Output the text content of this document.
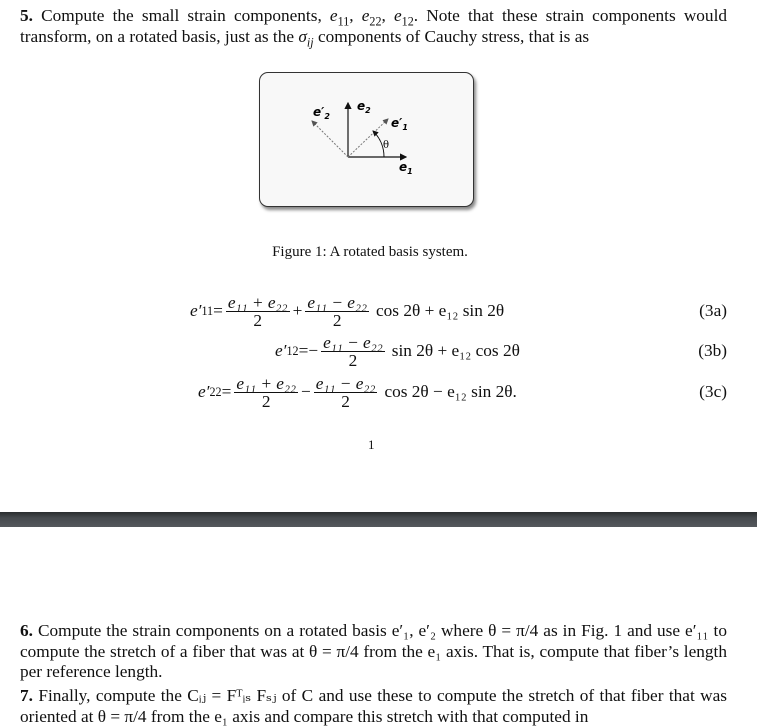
5. Compute the small strain components, $e_{11}$, $e_{22}$, $e_{12}$. Note that these strain components would transform, on a rotated basis, just as the $\sigma_{ij}$ components of Cauchy stress, that is as
$e_2$
$e'_2$	$e'_1$
$e_1$
θ
Figure 1: A rotated basis system.
e′ $11 = \frac{\text{e₁₁ + e₂₂}}{2} + \frac{\text{e₁₁ − e₂₂}}{2}$ cos 2θ + e₁₂ sin 2θ	(3a)
e′ 12 = − $\frac{\text{e₁₁ − e₂₂}}{2}$ sin 2θ + e₁₂ cos 2θ	(3b)
e′ $22 = \frac{\text{e₁₁ + e₂₂}}{2} - \frac{\text{e₁₁ − e₂₂}}{2}$ cos 2θ − e₁₂ sin 2θ.	(3c)
1
6. Compute the strain components on a rotated basis e′₁, e′₂ where θ = π/4 as in Fig. 1 and use e′₁₁ to compute the stretch of a fiber that was at θ = π/4 from the e₁ axis. That is, compute that fiber’s length per reference length.
7. Finally, compute the Cᵢⱼ = Fᵀᵢₛ Fₛⱼ of C and use these to compute the stretch of that fiber that was oriented at θ = π/4 from the e₁ axis and compare this stretch with that computed in
